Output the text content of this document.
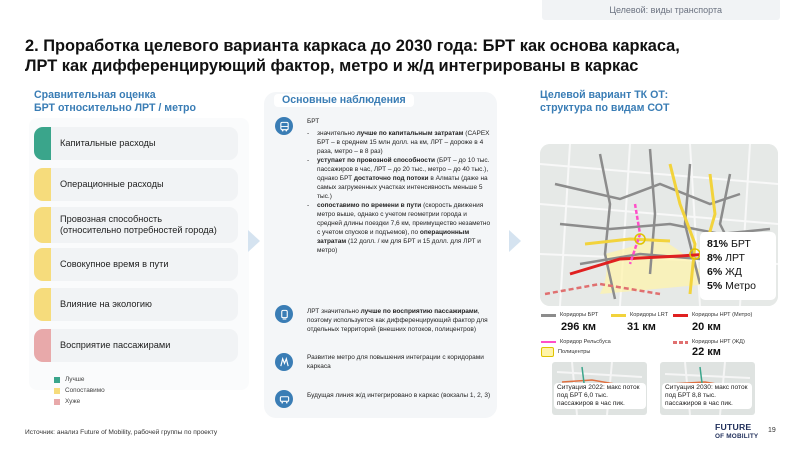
Целевой: виды транспорта
2. Проработка целевого варианта каркаса до 2030 года: БРТ как основа каркаса,
ЛРТ как дифференцирующий фактор, метро и ж/д интегрированы в каркас
Сравнительная оценка
БРТ относительно ЛРТ / метро
Капитальные расходы
Операционные расходы
Провозная способность
(относительно потребностей города)
Совокупное время в пути
Влияние на экологию
Восприятие пассажирами
Лучше
Сопоставимо
Хуже
Основные наблюдения
БРТ
- значительно лучше по капитальным затратам (CAPEX БРТ – в среднем 15 млн долл. на км, ЛРТ – дороже в 4 раза, метро – в 8 раз)
- уступает по провозной способности (БРТ – до 10 тыс. пассажиров в час, ЛРТ – до 20 тыс., метро – до 40 тыс.), однако БРТ достаточно под потоки в Алматы (даже на самых загруженных участках интенсивность меньше 5 тыс.)
- сопоставимо по времени в пути (скорость движения метро выше, однако с учетом геометрии города и средней длины поездки 7,6 км, преимущество незаметно с учетом спусков и подъемов), по операционным затратам (12 долл. / км для БРТ и 15 долл. для ЛРТ и метро)
ЛРТ значительно лучше по восприятию пассажирами, поэтому используется как дифференцирующий фактор для отдельных территорий (внешних потоков, полицентров)
Развитие метро для повышения интеграции с коридорами каркаса
Будущая линия ж/д интегрировано в каркас (вокзалы 1, 2, 3)
Целевой вариант ТК ОТ:
структура по видам СОТ
81% БРТ
8% ЛРТ
6% ЖД
5% Метро
Коридоры БРТ
296 км
Коридоры LRT
31 км
Коридоры НРТ (Метро)
20 км
Коридор Рельсбуса	Коридоры НРТ (ЖД)
22 км
Полицентры
Ситуация 2022: макс поток под БРТ 6,0 тыс. пассажиров в час пик.
Ситуация 2030: макс поток под БРТ 8,8 тыс. пассажиров в час пик.
Источник: анализ Future of Mobility, рабочей группы по проекту
FUTURE
OF MOBILITY
19
